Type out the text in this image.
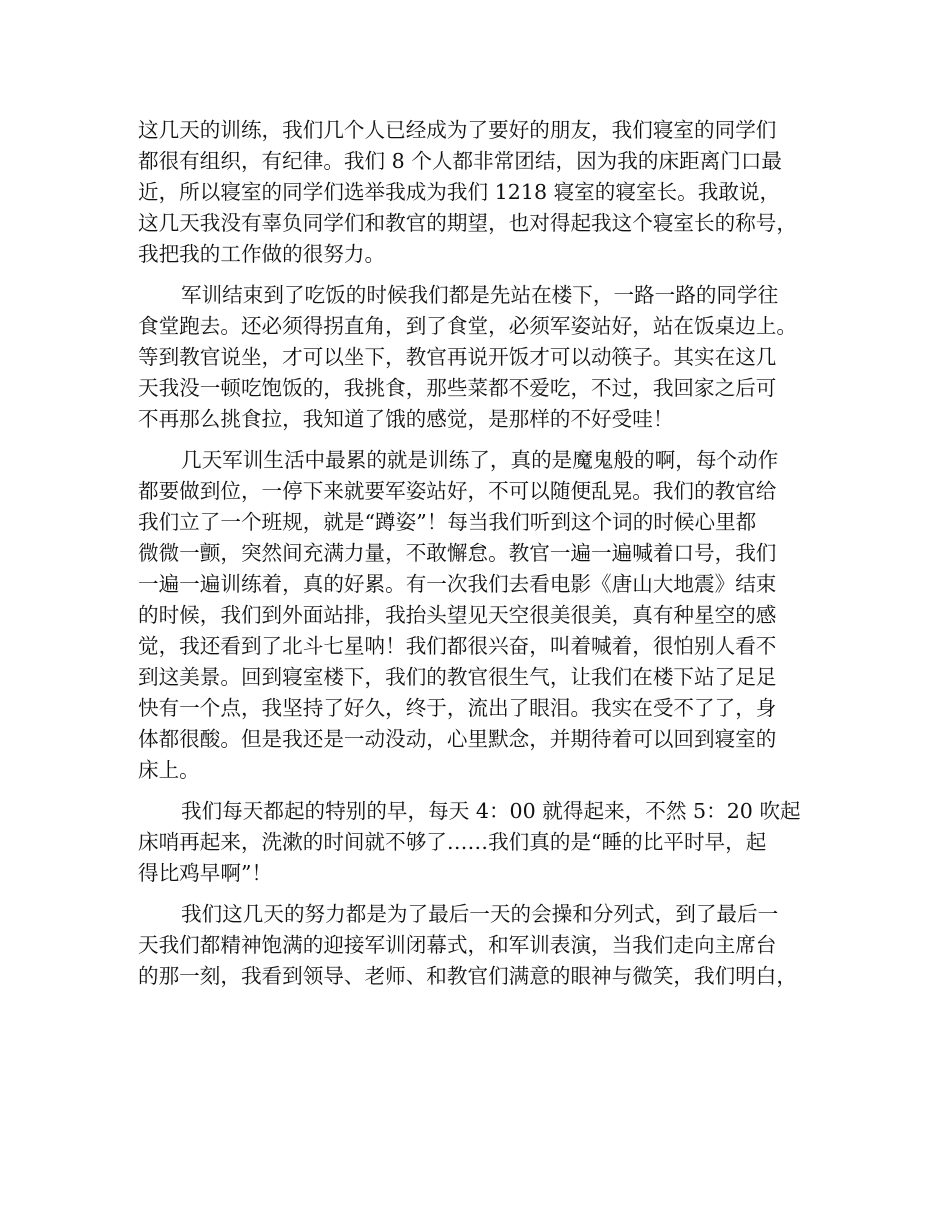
这几天的训练，我们几个人已经成为了要好的朋友，我们寝室的同学们
都很有组织，有纪律。我们 8 个人都非常团结，因为我的床距离门口最
近，所以寝室的同学们选举我成为我们 1218 寝室的寝室长。我敢说，
这几天我没有辜负同学们和教官的期望，也对得起我这个寝室长的称号，
我把我的工作做的很努力。
军训结束到了吃饭的时候我们都是先站在楼下，一路一路的同学往
食堂跑去。还必须得拐直角，到了食堂，必须军姿站好，站在饭桌边上。
等到教官说坐，才可以坐下，教官再说开饭才可以动筷子。其实在这几
天我没一顿吃饱饭的，我挑食，那些菜都不爱吃，不过，我回家之后可
不再那么挑食拉，我知道了饿的感觉，是那样的不好受哇！
几天军训生活中最累的就是训练了，真的是魔鬼般的啊，每个动作
都要做到位，一停下来就要军姿站好，不可以随便乱晃。我们的教官给
我们立了一个班规，就是“蹲姿”！每当我们听到这个词的时候心里都
微微一颤，突然间充满力量，不敢懈怠。教官一遍一遍喊着口号，我们
一遍一遍训练着，真的好累。有一次我们去看电影《唐山大地震》结束
的时候，我们到外面站排，我抬头望见天空很美很美，真有种星空的感
觉，我还看到了北斗七星呐！我们都很兴奋，叫着喊着，很怕别人看不
到这美景。回到寝室楼下，我们的教官很生气，让我们在楼下站了足足
快有一个点，我坚持了好久，终于，流出了眼泪。我实在受不了了，身
体都很酸。但是我还是一动没动，心里默念，并期待着可以回到寝室的
床上。
我们每天都起的特别的早，每天 4：00 就得起来，不然 5：20 吹起
床哨再起来，洗漱的时间就不够了……我们真的是“睡的比平时早，起
得比鸡早啊”！
我们这几天的努力都是为了最后一天的会操和分列式，到了最后一
天我们都精神饱满的迎接军训闭幕式，和军训表演，当我们走向主席台
的那一刻，我看到领导、老师、和教官们满意的眼神与微笑，我们明白，
